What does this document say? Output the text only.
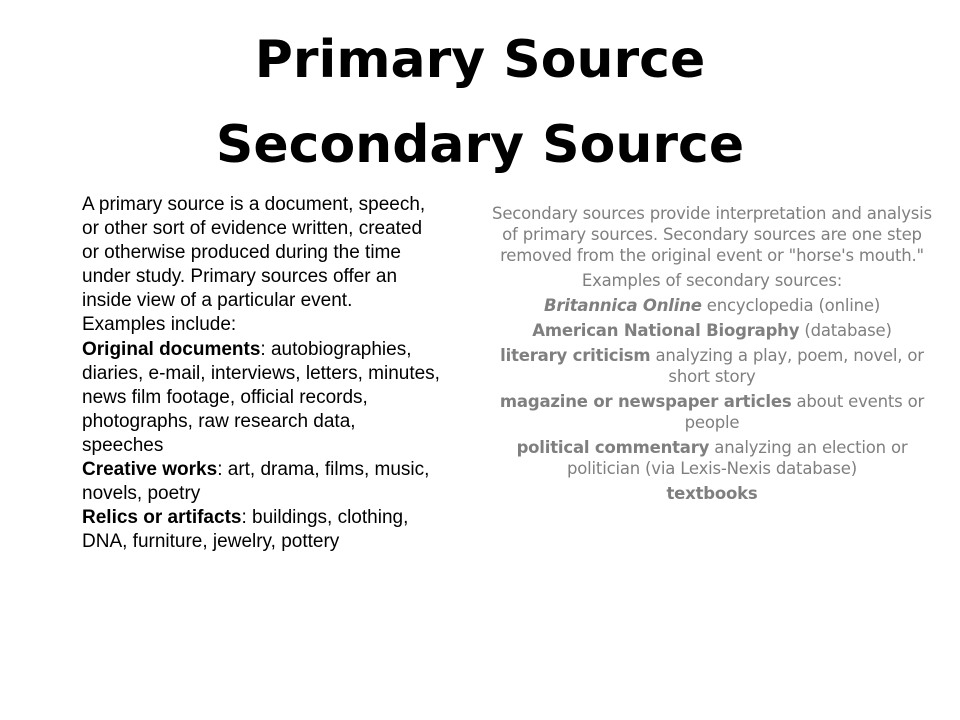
Primary Source
Secondary Source

A primary source is a document, speech, or other sort of evidence written, created or otherwise produced during the time under study. Primary sources offer an inside view of a particular event.

Examples include:

Original documents: autobiographies, diaries, e-mail, interviews, letters, minutes, news film footage, official records, photographs, raw research data, speeches

Creative works: art, drama, films, music, novels, poetry

Relics or artifacts: buildings, clothing, DNA, furniture, jewelry, pottery

Secondary sources provide interpretation and analysis of primary sources. Secondary sources are one step removed from the original event or "horse's mouth."

Examples of secondary sources:

Britannica Online encyclopedia (online)

American National Biography (database)

literary criticism analyzing a play, poem, novel, or short story

magazine or newspaper articles about events or people

political commentary analyzing an election or politician (via Lexis-Nexis database)

textbooks
